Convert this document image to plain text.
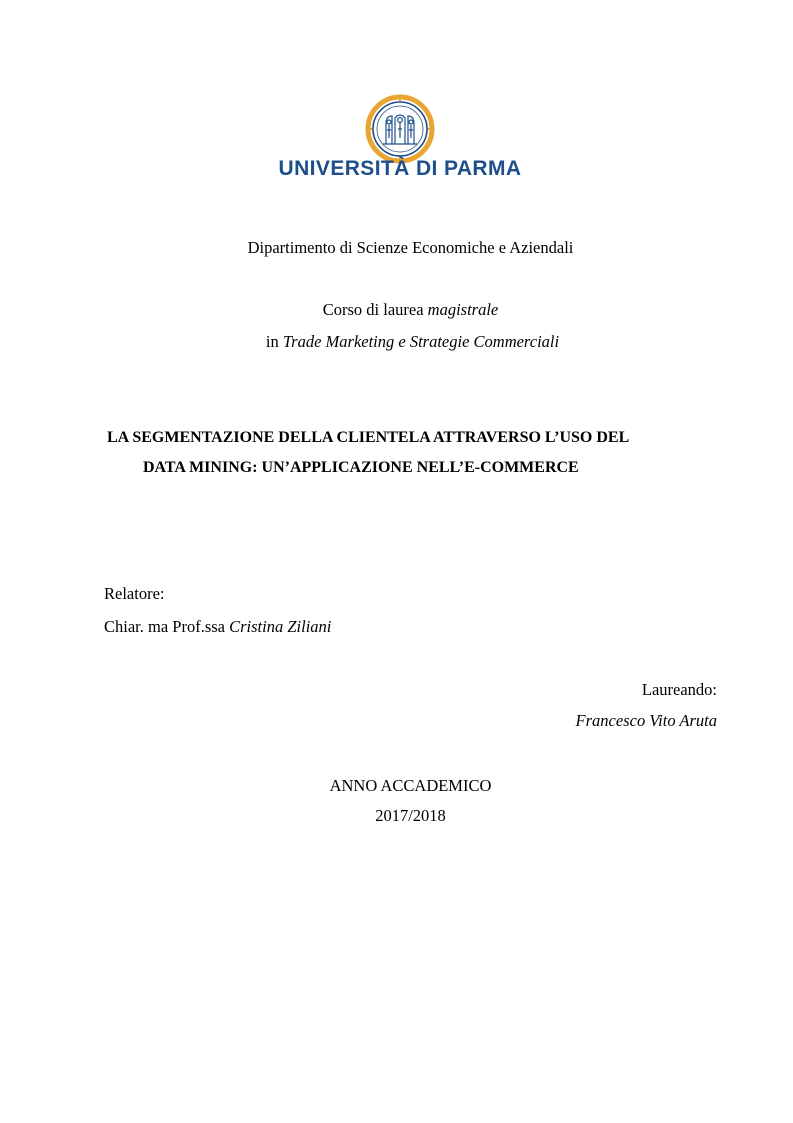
UNIVERSITÀ DI PARMA
Dipartimento di Scienze Economiche e Aziendali
Corso di laurea magistrale
in Trade Marketing e Strategie Commerciali
LA SEGMENTAZIONE DELLA CLIENTELA ATTRAVERSO L’USO DEL
DATA MINING: UN’APPLICAZIONE NELL’E-COMMERCE
Relatore:
Chiar. ma Prof.ssa Cristina Ziliani
Laureando:
Francesco Vito Aruta
ANNO ACCADEMICO
2017/2018
